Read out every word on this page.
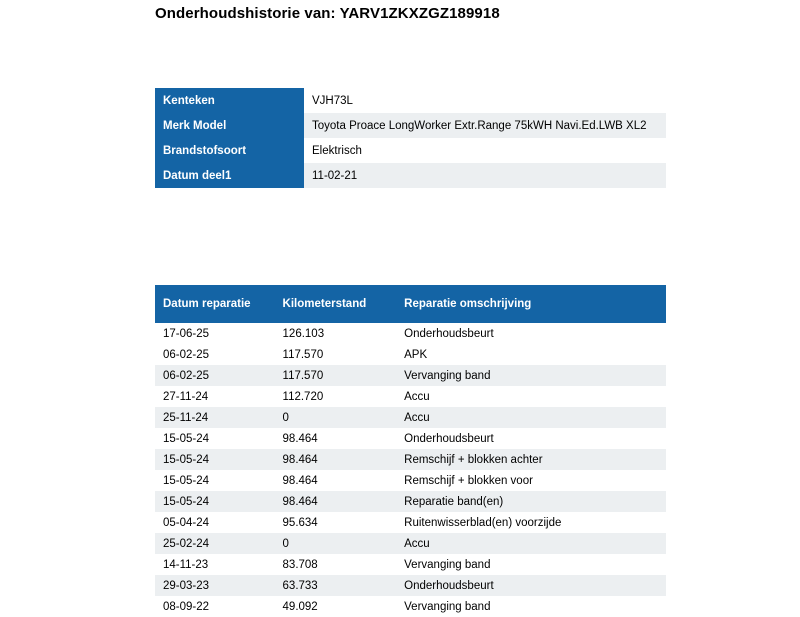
Onderhoudshistorie van: YARV1ZKXZGZ189918
Kenteken	VJH73L
Merk Model	Toyota Proace LongWorker Extr.Range 75kWH Navi.Ed.LWB XL2
Brandstofsoort	Elektrisch
Datum deel1	11-02-21
Datum reparatie	Kilometerstand	Reparatie omschrijving
17-06-25	126.103	Onderhoudsbeurt
06-02-25	117.570	APK
06-02-25	117.570	Vervanging band
27-11-24	112.720	Accu
25-11-24	0	Accu
15-05-24	98.464	Onderhoudsbeurt
15-05-24	98.464	Remschijf + blokken achter
15-05-24	98.464	Remschijf + blokken voor
15-05-24	98.464	Reparatie band(en)
05-04-24	95.634	Ruitenwisserblad(en) voorzijde
25-02-24	0	Accu
14-11-23	83.708	Vervanging band
29-03-23	63.733	Onderhoudsbeurt
08-09-22	49.092	Vervanging band
